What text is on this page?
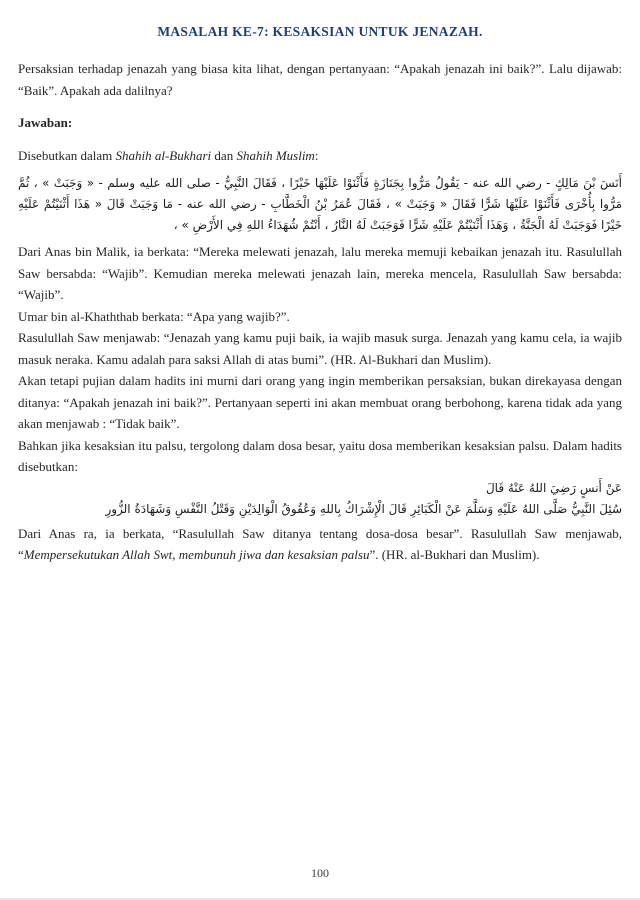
MASALAH KE-7: KESAKSIAN UNTUK JENAZAH.

Persaksian terhadap jenazah yang biasa kita lihat, dengan pertanyaan: “Apakah jenazah ini baik?”. Lalu dijawab: “Baik”. Apakah ada dalilnya?

Jawaban:

Disebutkan dalam Shahih al-Bukhari dan Shahih Muslim:

أَنَسَ بْنَ مَالِكٍ - رضي الله عنه - يَقُولُ مَرُّوا بِجَنَازَةٍ فَأَثْنَوْا عَلَيْهَا خَيْرًا ، فَقَالَ النَّبِيُّ - صلى الله عليه وسلم - « وَجَبَتْ » ، ثُمَّ مَرُّوا بِأُخْرَى فَأَثْنَوْا عَلَيْهَا شَرًّا فَقَالَ « وَجَبَتْ » ، فَقَالَ عُمَرُ بْنُ الْخَطَّابِ - رضي الله عنه - مَا وَجَبَتْ قَالَ « هَذَا أَثْنَيْتُمْ عَلَيْهِ خَيْرًا فَوَجَبَتْ لَهُ الْجَنَّةُ ، وَهَذَا أَثْنَيْتُمْ عَلَيْهِ شَرًّا فَوَجَبَتْ لَهُ النَّارُ ، أَنْتُمْ شُهَدَاءُ اللهِ فِي الأَرْضِ » ،

Dari Anas bin Malik, ia berkata: “Mereka melewati jenazah, lalu mereka memuji kebaikan jenazah itu. Rasulullah Saw bersabda: “Wajib”. Kemudian mereka melewati jenazah lain, mereka mencela, Rasulullah Saw bersabda: “Wajib”.

Umar bin al-Khaththab berkata: “Apa yang wajib?”.

Rasulullah Saw menjawab: “Jenazah yang kamu puji baik, ia wajib masuk surga. Jenazah yang kamu cela, ia wajib masuk neraka. Kamu adalah para saksi Allah di atas bumi”. (HR. Al-Bukhari dan Muslim).

Akan tetapi pujian dalam hadits ini murni dari orang yang ingin memberikan persaksian, bukan direkayasa dengan ditanya: “Apakah jenazah ini baik?”. Pertanyaan seperti ini akan membuat orang berbohong, karena tidak ada yang akan menjawab : “Tidak baik”.

Bahkan jika kesaksian itu palsu, tergolong dalam dosa besar, yaitu dosa memberikan kesaksian palsu. Dalam hadits disebutkan:

عَنْ أَنسٍ رَضِيَ اللهُ عَنْهُ قَالَ
سُئِلَ النَّبِيُّ صَلَّى اللهُ عَلَيْهِ وَسَلَّمَ عَنْ الْكَبَائِرِ قَالَ الْإِشْرَاكُ بِاللهِ وَعُقُوقُ الْوَالِدَيْنِ وَقَتْلُ النَّفْسِ وَشَهَادَةُ الزُّورِ

Dari Anas ra, ia berkata, “Rasulullah Saw ditanya tentang dosa-dosa besar”. Rasulullah Saw menjawab, “Mempersekutukan Allah Swt, membunuh jiwa dan kesaksian palsu”. (HR. al-Bukhari dan Muslim).

100
